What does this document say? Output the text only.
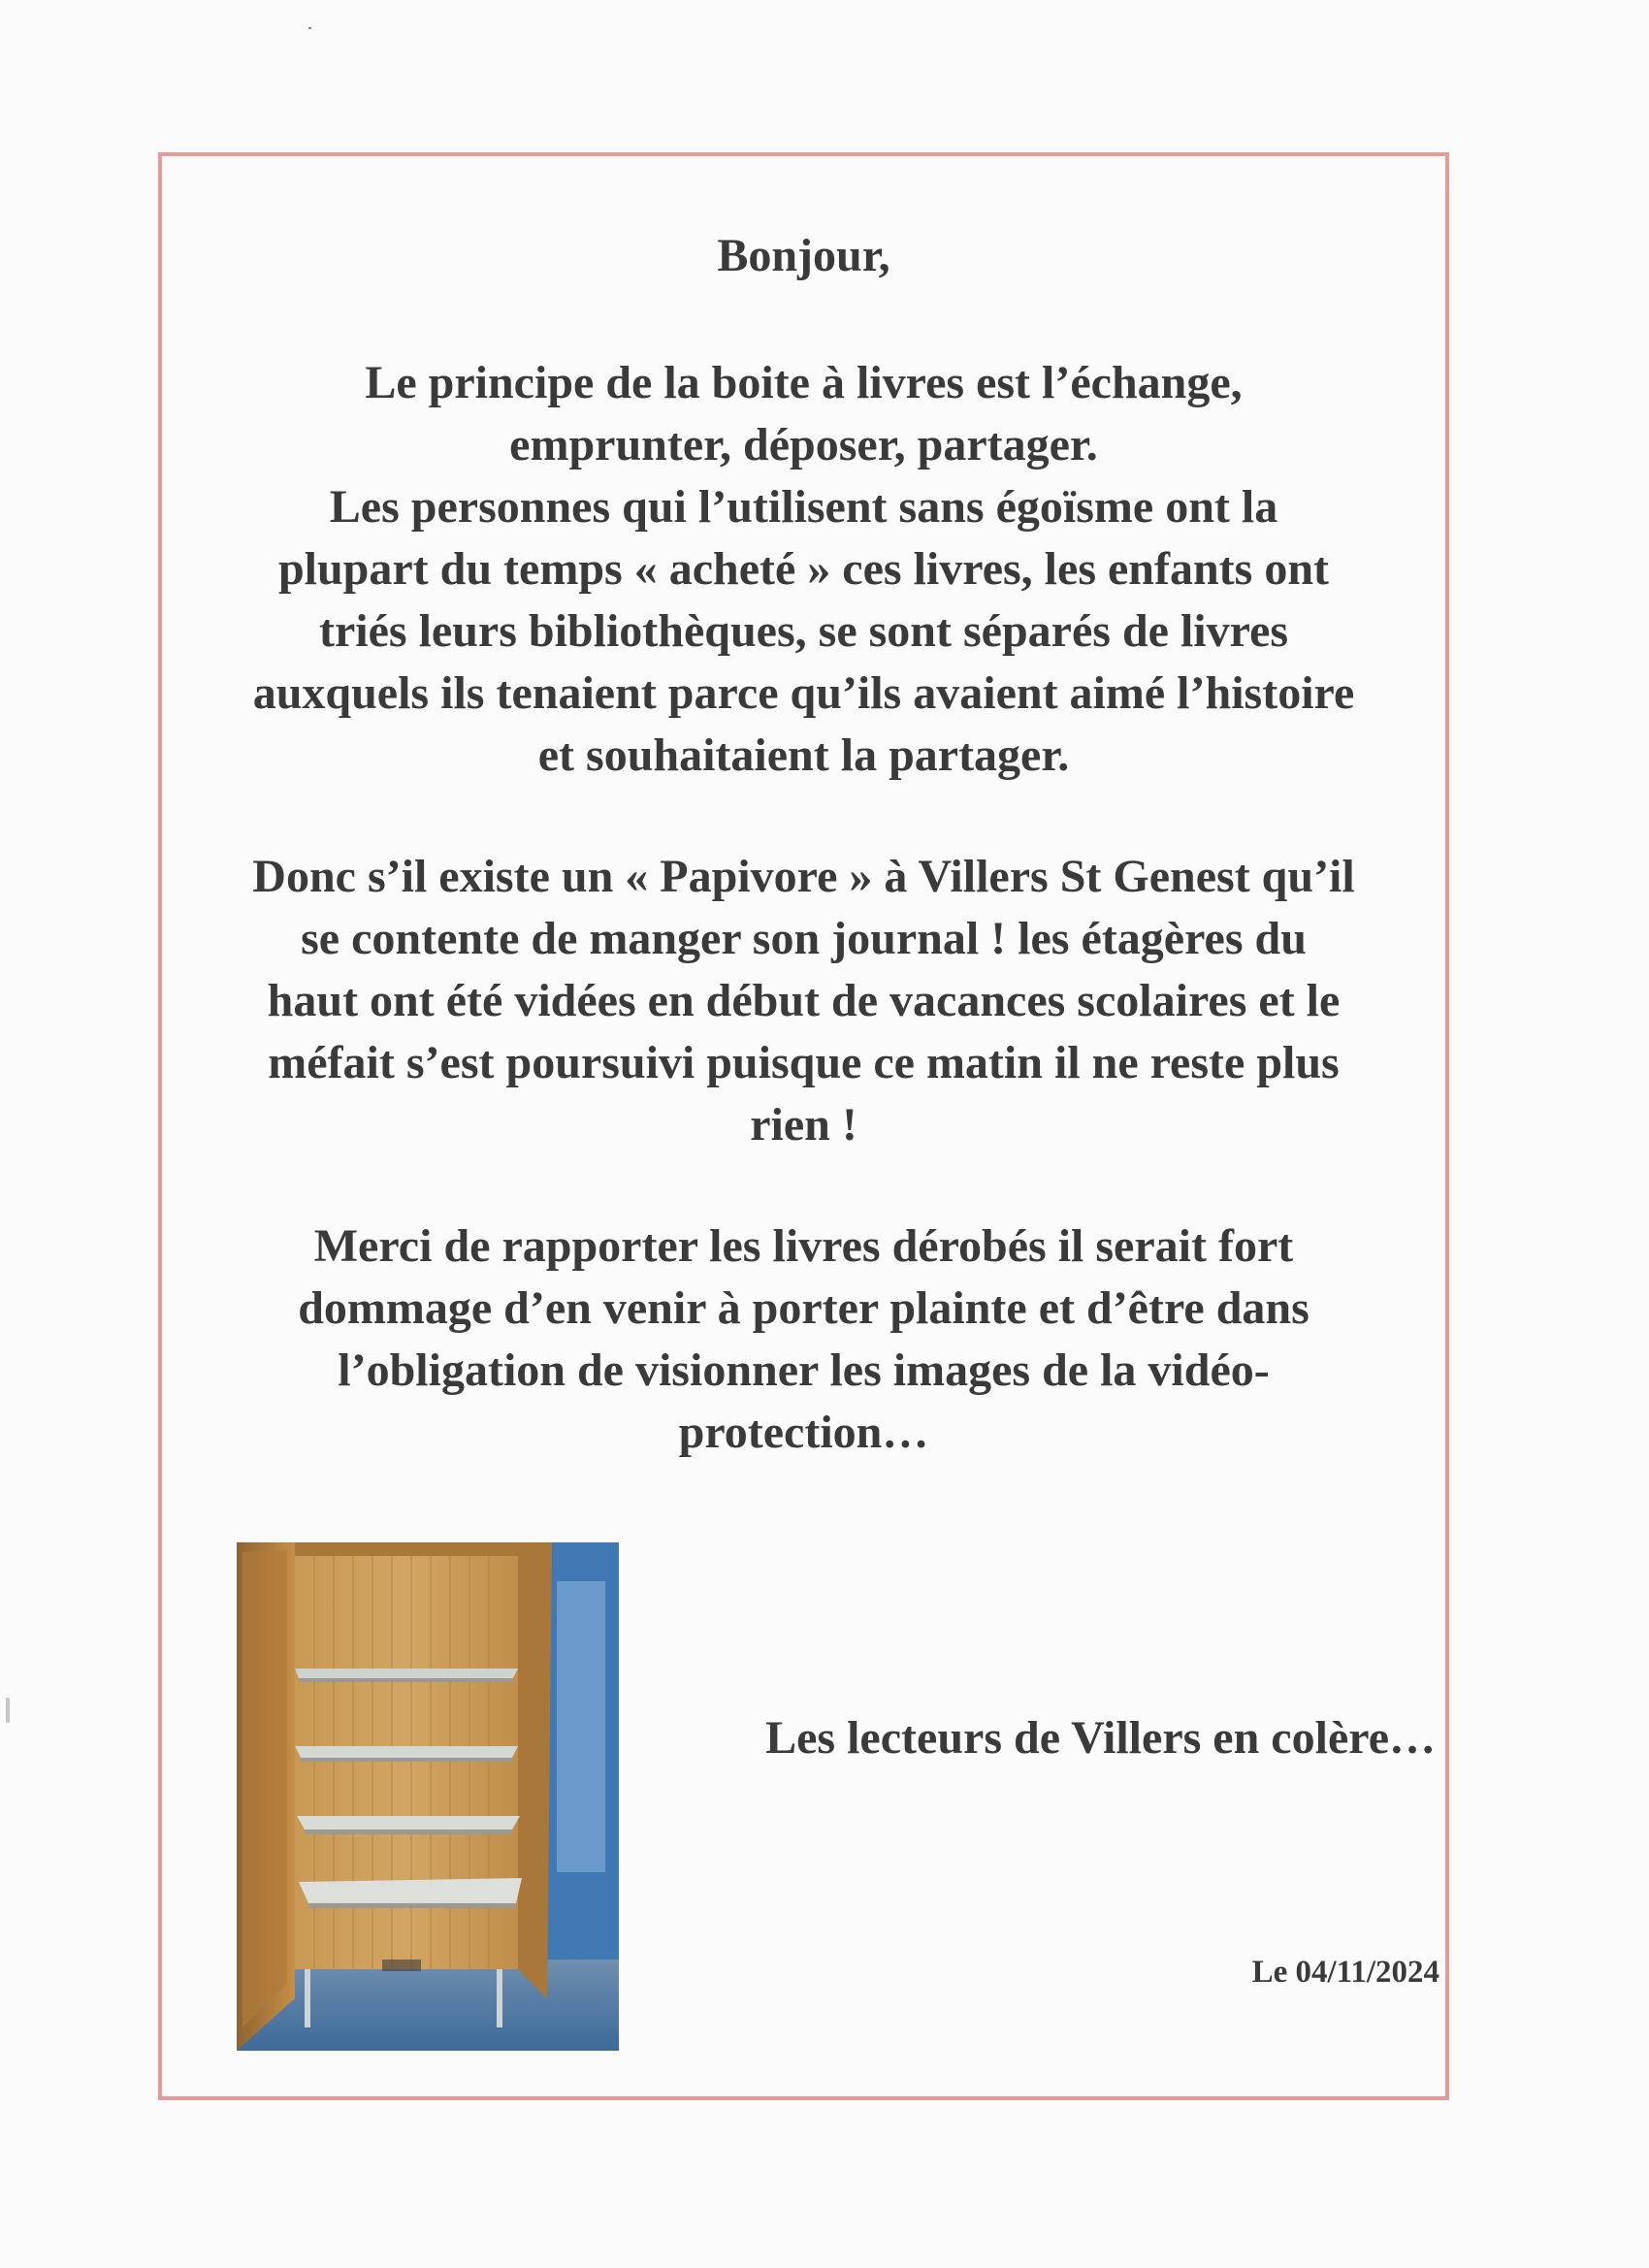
Bonjour,

Le principe de la boite à livres est l’échange,
emprunter, déposer, partager.
Les personnes qui l’utilisent sans égoïsme ont la
plupart du temps « acheté » ces livres, les enfants ont
triés leurs bibliothèques, se sont séparés de livres
auxquels ils tenaient parce qu’ils avaient aimé l’histoire
et souhaitaient la partager.

Donc s’il existe un « Papivore » à Villers St Genest qu’il
se contente de manger son journal ! les étagères du
haut ont été vidées en début de vacances scolaires et le
méfait s’est poursuivi puisque ce matin il ne reste plus
rien !

Merci de rapporter les livres dérobés il serait fort
dommage d’en venir à porter plainte et d’être dans
l’obligation de visionner les images de la vidéo-
protection…

Les lecteurs de Villers en colère…

Le 04/11/2024
